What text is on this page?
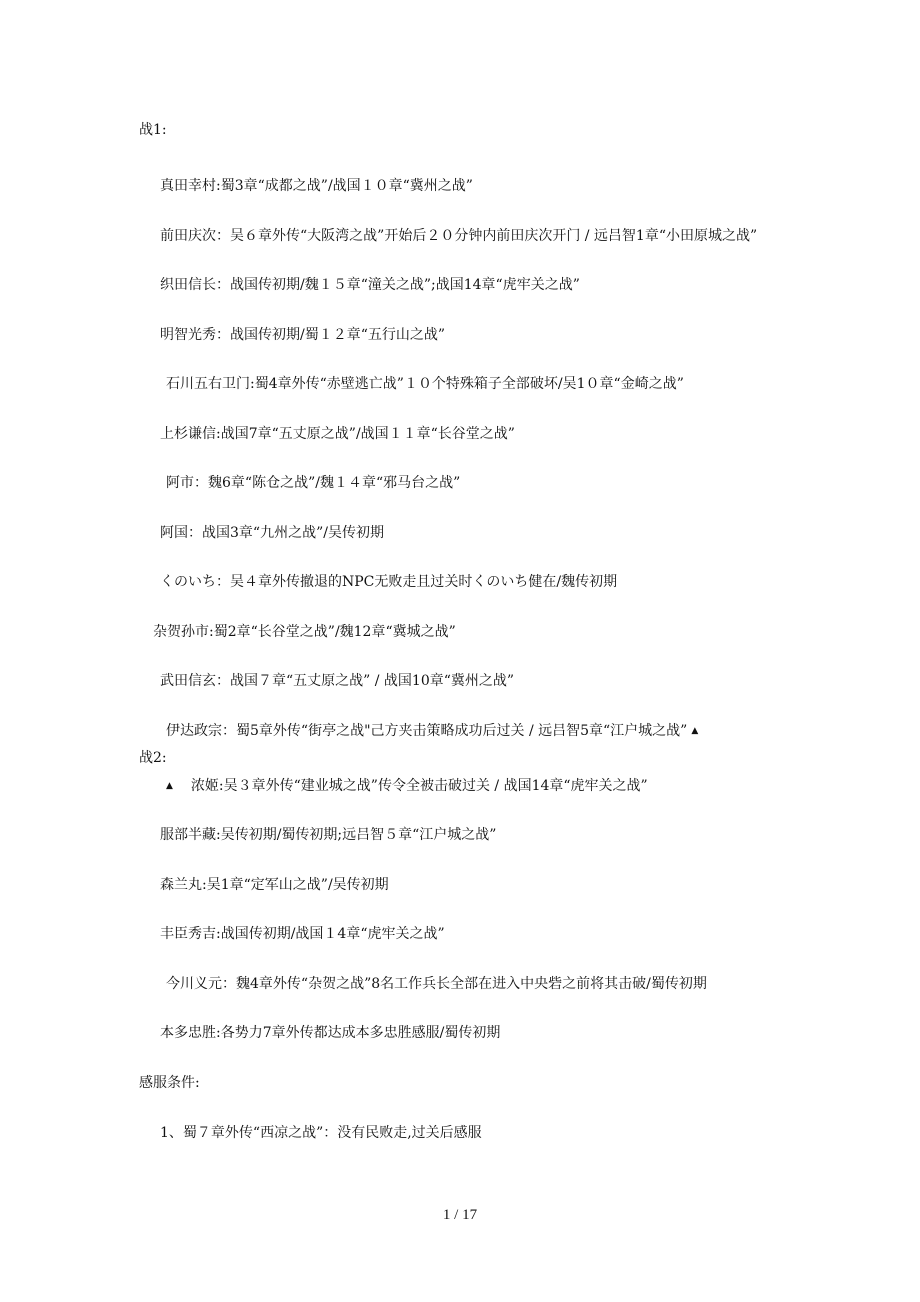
战1:
真田幸村:蜀3章“成都之战”/战国１０章“冀州之战”
前田庆次：吴６章外传“大阪湾之战”开始后２０分钟内前田庆次开门 / 远吕智1章“小田原城之战”
织田信长：战国传初期/魏１５章“潼关之战”;战国14章“虎牢关之战”
明智光秀：战国传初期/蜀１２章“五行山之战”
石川五右卫门:蜀4章外传“赤壁逃亡战”１０个特殊箱子全部破坏/吴1０章“金崎之战”
上杉谦信:战国7章“五丈原之战”/战国１１章“长谷堂之战”
阿市：魏6章“陈仓之战”/魏１４章“邪马台之战”
阿国：战国3章“九州之战”/吴传初期
くのいち：吴４章外传撤退的NPC无败走且过关时くのいち健在/魏传初期
杂贺孙市:蜀2章“长谷堂之战”/魏12章“冀城之战”
武田信玄：战国７章“五丈原之战” / 战国10章“冀州之战”
伊达政宗：蜀5章外传“街亭之战"己方夹击策略成功后过关 / 远吕智5章“江户城之战” ▲
战2:
▲ 浓姬:吴３章外传“建业城之战”传令全被击破过关 / 战国14章“虎牢关之战”
服部半藏:吴传初期/蜀传初期;远吕智５章“江户城之战”
森兰丸:吴1章“定军山之战”/吴传初期
丰臣秀吉:战国传初期/战国１4章“虎牢关之战”
今川义元：魏4章外传“杂贺之战”8名工作兵长全部在进入中央砦之前将其击破/蜀传初期
本多忠胜:各势力7章外传都达成本多忠胜感服/蜀传初期
感服条件:
1、蜀７章外传“西凉之战”：没有民败走,过关后感服
1 / 17
